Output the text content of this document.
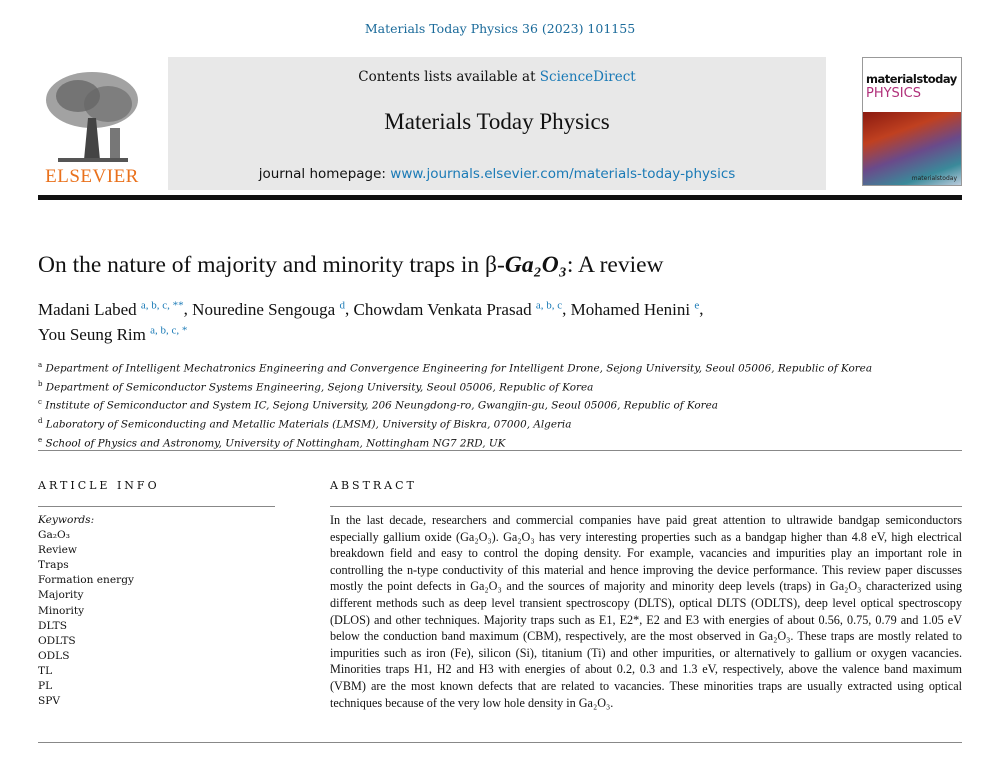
Materials Today Physics 36 (2023) 101155
ELSEVIER
Contents lists available at ScienceDirect
Materials Today Physics
journal homepage: www.journals.elsevier.com/materials-today-physics
materialstoday
PHYSICS
materialstoday
On the nature of majority and minority traps in β-Ga₂O₃: A review
Madani Labed $^{a, b, c, **}$, Nouredine Sengouga $^d$, Chowdam Venkata Prasad $^{a, b, c}$, Mohamed Henini $^e$,
You Seung Rim $^{a, b, c, *}$
$^a$ Department of Intelligent Mechatronics Engineering and Convergence Engineering for Intelligent Drone, Sejong University, Seoul 05006, Republic of Korea
$^b$ Department of Semiconductor Systems Engineering, Sejong University, Seoul 05006, Republic of Korea
$^c$ Institute of Semiconductor and System IC, Sejong University, 206 Neungdong-ro, Gwangjin-gu, Seoul 05006, Republic of Korea
$^d$ Laboratory of Semiconducting and Metallic Materials (LMSM), University of Biskra, 07000, Algeria
$^e$ School of Physics and Astronomy, University of Nottingham, Nottingham NG7 2RD, UK
ARTICLE INFO	ABSTRACT
Keywords:
Ga₂O₃
Review
Traps
Formation energy
Majority
Minority
DLTS
ODLTS
ODLS
TL
PL
SPV
In the last decade, researchers and commercial companies have paid great attention to ultrawide bandgap semiconductors especially gallium oxide (Ga₂O₃). Ga₂O₃ has very interesting properties such as a bandgap higher than 4.8 eV, high electrical breakdown field and easy to control the doping density. For example, vacancies and impurities play an important role in controlling the n-type conductivity of this material and hence improving the device performance. This review paper discusses mostly the point defects in Ga₂O₃ and the sources of majority and minority deep levels (traps) in Ga₂O₃ characterized using different methods such as deep level transient spectroscopy (DLTS), optical DLTS (ODLTS), deep level optical spectroscopy (DLOS) and other techniques. Majority traps such as E1, E2*, E2 and E3 with energies of about 0.56, 0.75, 0.79 and 1.05 eV below the conduction band maximum (CBM), respectively, are the most observed in Ga₂O₃. These traps are mostly related to impurities such as iron (Fe), silicon (Si), titanium (Ti) and other impurities, or alternatively to gallium or oxygen vacancies. Minorities traps H1, H2 and H3 with energies of about 0.2, 0.3 and 1.3 eV, respectively, above the valence band maximum (VBM) are the most known defects that are related to vacancies. These minorities traps are usually extracted using optical techniques because of the very low hole density in Ga₂O₃.
